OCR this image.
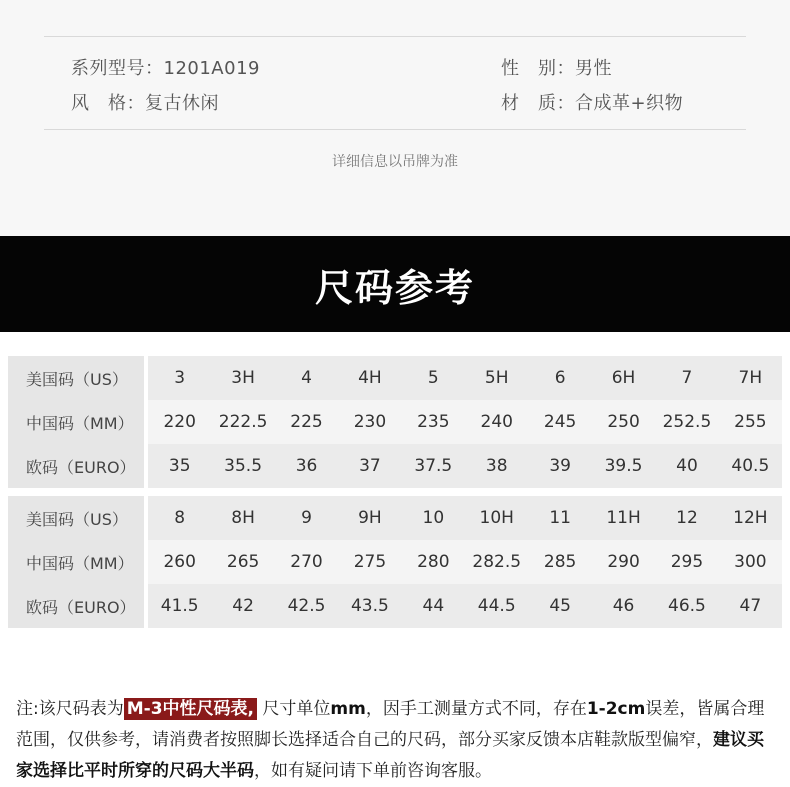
系列型号：1201A019	性　别：男性
风　格：复古休闲	材　质：合成革+织物
详细信息以吊牌为准
尺码参考
美国码（US）	3	3H	4	4H	5	5H	6	6H	7	7H
中国码（MM）	220	222.5	225	230	235	240	245	250	252.5	255
欧码（EURO）	35	35.5	36	37	37.5	38	39	39.5	40	40.5
美国码（US）	8	8H	9	9H	10	10H	11	11H	12	12H
中国码（MM）	260	265	270	275	280	282.5	285	290	295	300
欧码（EURO）	41.5	42	42.5	43.5	44	44.5	45	46	46.5	47
注:该尺码表为 M-3中性尺码表, 尺寸单位mm，因手工测量方式不同，存在1-2cm误差，皆属合理范围，仅供参考，请消费者按照脚长选择适合自己的尺码，部分买家反馈本店鞋款版型偏窄，建议买家选择比平时所穿的尺码大半码，如有疑问请下单前咨询客服。
